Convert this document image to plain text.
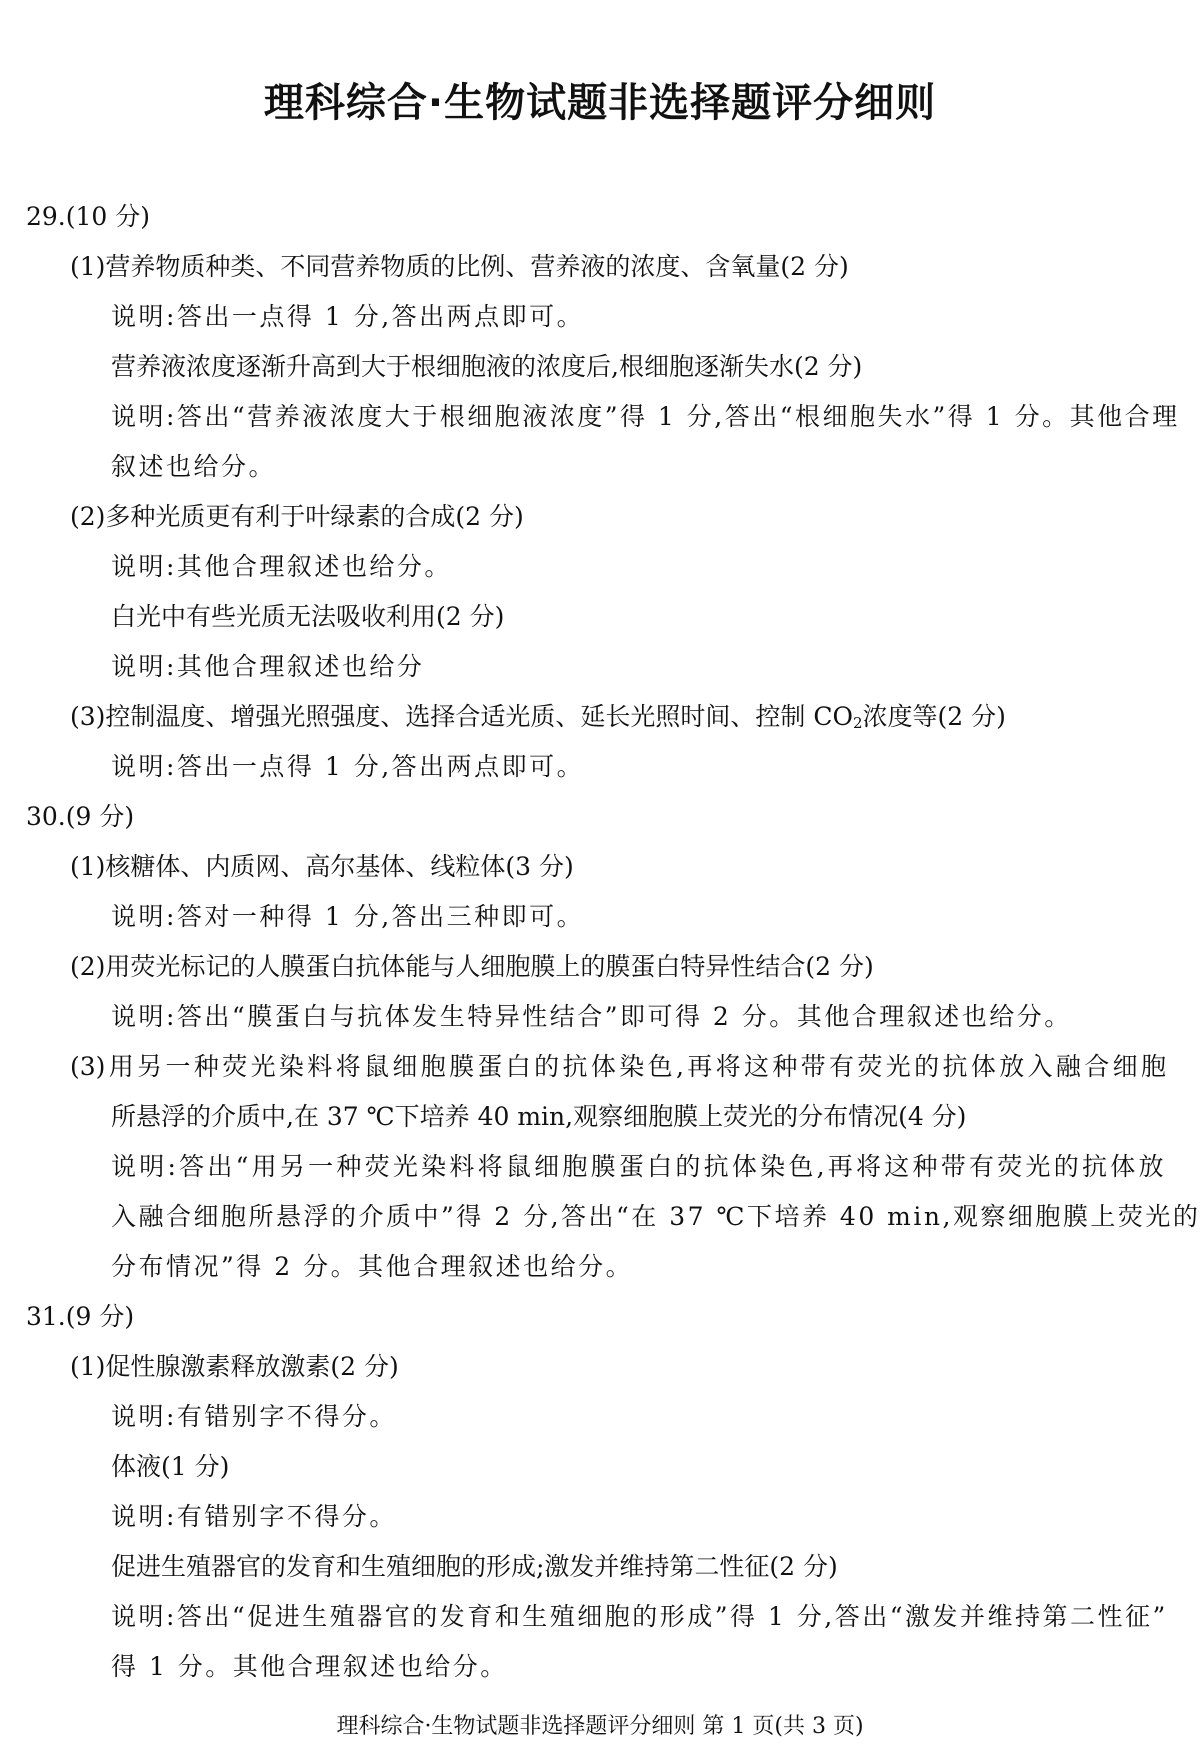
理科综合·生物试题非选择题评分细则
29.(10 分)
(1)营养物质种类、不同营养物质的比例、营养液的浓度、含氧量(2 分)
说明:答出一点得 1 分,答出两点即可。
营养液浓度逐渐升高到大于根细胞液的浓度后,根细胞逐渐失水(2 分)
说明:答出“营养液浓度大于根细胞液浓度”得 1 分,答出“根细胞失水”得 1 分。其他合理
叙述也给分。
(2)多种光质更有利于叶绿素的合成(2 分)
说明:其他合理叙述也给分。
白光中有些光质无法吸收利用(2 分)
说明:其他合理叙述也给分
(3)控制温度、增强光照强度、选择合适光质、延长光照时间、控制 $CO_2$浓度等(2 分)
说明:答出一点得 1 分,答出两点即可。
30.(9 分)
(1)核糖体、内质网、高尔基体、线粒体(3 分)
说明:答对一种得 1 分,答出三种即可。
(2)用荧光标记的人膜蛋白抗体能与人细胞膜上的膜蛋白特异性结合(2 分)
说明:答出“膜蛋白与抗体发生特异性结合”即可得 2 分。其他合理叙述也给分。
(3)用另一种荧光染料将鼠细胞膜蛋白的抗体染色,再将这种带有荧光的抗体放入融合细胞
所悬浮的介质中,在 37 ℃下培养 40 min,观察细胞膜上荧光的分布情况(4 分)
说明:答出“用另一种荧光染料将鼠细胞膜蛋白的抗体染色,再将这种带有荧光的抗体放
入融合细胞所悬浮的介质中”得 2 分,答出“在 37 ℃下培养 40 min,观察细胞膜上荧光的
分布情况”得 2 分。其他合理叙述也给分。
31.(9 分)
(1)促性腺激素释放激素(2 分)
说明:有错别字不得分。
体液(1 分)
说明:有错别字不得分。
促进生殖器官的发育和生殖细胞的形成;激发并维持第二性征(2 分)
说明:答出“促进生殖器官的发育和生殖细胞的形成”得 1 分,答出“激发并维持第二性征”
得 1 分。其他合理叙述也给分。
理科综合·生物试题非选择题评分细则 第 1 页(共 3 页)
